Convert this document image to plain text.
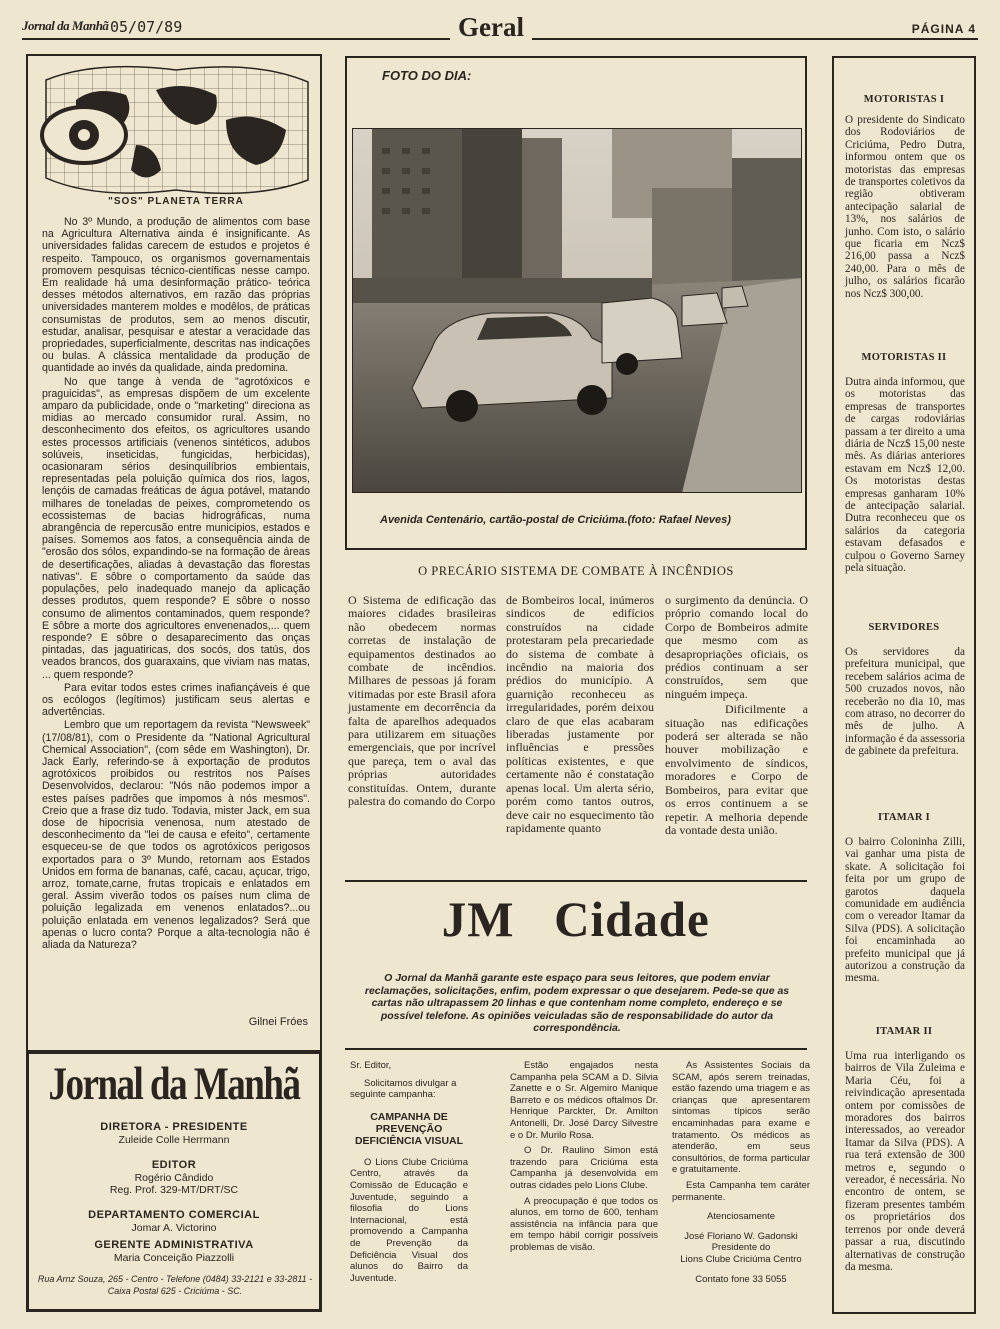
Jornal da Manhã 05/07/89	Geral	PÁGINA 4
"SOS" PLANETA TERRA

No 3º Mundo, a produção de alimentos com base na Agricultura Alternativa ainda é insignificante. As universidades falidas carecem de estudos e projetos é respeito. Tampouco, os organismos governamentais promovem pesquisas técnico-científicas nesse campo. Em realidade há uma desinformação prático- teórica desses métodos alternativos, em razão das próprias universidades manterem moldes e modêlos, de práticas consumistas de produtos, sem ao menos discutir, estudar, analisar, pesquisar e atestar a veracidade das propriedades, superficialmente, descritas nas indicações ou bulas. A clássica mentalidade da produção de quantidade ao invés da qualidade, ainda predomina.

No que tange à venda de "agrotóxicos e praguicidas", as empresas dispõem de um excelente amparo da publicidade, onde o "marketing" direciona as midias ao mercado consumidor rural. Assim, no desconhecimento dos efeitos, os agricultores usando estes processos artificiais (venenos sintéticos, adubos solúveis, inseticidas, fungicidas, herbicidas), ocasionaram sérios desinquilíbrios embientais, representadas pela poluição química dos rios, lagos, lençóis de camadas freáticas de água potável, matando milhares de toneladas de peixes, comprometendo os ecossistemas de bacias hidrográficas, numa abrangência de repercusão entre municipios, estados e países. Somemos aos fatos, a consequência ainda de "erosão dos sólos, expandindo-se na formação de áreas de desertificações, aliadas à devastação das florestas nativas". E sôbre o comportamento da saúde das populações, pelo inadequado manejo da aplicação desses produtos, quem responde? E sôbre o nosso consumo de alimentos contaminados, quem responde? E sôbre a morte dos agricultores envenenados,... quem responde? E sôbre o desaparecimento das onças pintadas, das jaguatiricas, dos socós, dos tatús, dos veados brancos, dos guaraxains, que viviam nas matas, ... quem responde?

Para evitar todos estes crimes inafiançáveis é que os ecólogos (legítimos) justificam seus alertas e advertências.

Lembro que um reportagem da revista "Newsweek" (17/08/81), com o Presidente da "National Agricultural Chemical Association", (com sêde em Washington), Dr. Jack Early, referindo-se à exportação de produtos agrotóxicos proibidos ou restritos nos Países Desenvolvidos, declarou: "Nós não podemos impor a estes países padrões que impomos à nós mesmos". Creio que a frase diz tudo. Todavia, mister Jack, em sua dose de hipocrisia venenosa, num atestado de desconhecimento da "lei de causa e efeito", certamente esqueceu-se de que todos os agrotóxicos perigosos exportados para o 3º Mundo, retornam aos Estados Unidos em forma de bananas, café, cacau, açucar, trigo, arroz, tomate,carne, frutas tropicais e enlatados em geral. Assim viverão todos os países num clima de poluição legalizada em venenos enlatados?...ou poluição enlatada em venenos legalizados? Será que apenas o lucro conta? Porque a alta-tecnologia não é aliada da Natureza?

Gilnei Fróes
Jornal da Manhã
DIRETORA - PRESIDENTE
Zuleide Colle Herrmann
EDITOR
Rogério Cândido
Reg. Prof. 329-MT/DRT/SC
DEPARTAMENTO COMERCIAL
Jomar A. Victorino
GERENTE ADMINISTRATIVA
Maria Conceição Piazzolli
Rua Arnz Souza, 265 - Centro - Telefone (0484) 33-2121 e 33-2811 - Caixa Postal 625 - Criciúma - SC.
FOTO DO DIA:
Avenida Centenário, cartão-postal de Criciúma.(foto: Rafael Neves)
O PRECÁRIO SISTEMA DE COMBATE À INCÊNDIOS
O Sistema de edificação das maiores cidades brasileiras não obedecem normas corretas de instalação de equipamentos destinados ao combate de incêndios. Milhares de pessoas já foram vitimadas por este Brasil afora justamente em decorrência da falta de aparelhos adequados para utilizarem em situações emergenciais, que por incrível que pareça, tem o aval das próprias autoridades constituídas. Ontem, durante palestra do comando do Corpo
de Bombeiros local, inúmeros sindicos de edifícios construídos na cidade protestaram pela precariedade do sistema de combate à incêndio na maioria dos prédios do município. A guarnição reconheceu as irregularidades, porém deixou claro de que elas acabaram liberadas justamente por influências e pressões políticas existentes, e que certamente não é constatação apenas local. Um alerta sério, porém como tantos outros, deve cair no esquecimento tão rapidamente quanto
o surgimento da denúncia. O próprio comando local do Corpo de Bombeiros admite que mesmo com as desapropriações oficiais, os prédios continuam a ser construídos, sem que ninguém impeça.
Dificilmente a situação nas edificações poderá ser alterada se não houver mobilização e envolvimento de síndicos, moradores e Corpo de Bombeiros, para evitar que os erros continuem a se repetir. A melhoria depende da vontade desta união.
JM   Cidade
O Jornal da Manhã garante este espaço para seus leitores, que podem enviar reclamações, solicitações, enfim, podem expressar o que desejarem. Pede-se que as cartas não ultrapassem 20 linhas e que contenham nome completo, endereço e se possível telefone. As opiniões veiculadas são de responsabilidade do autor da correspondência.

Sr. Editor,

Solicitamos divulgar a seguinte campanha:

CAMPANHA DE PREVENÇÃO DEFICIÊNCIA VISUAL

O Lions Clube Criciúma Centro, através da Comissão de Educação e Juventude, seguindo a filosofia do Lions Internacional, está promovendo a Campanha de Prevenção da Deficiência Visual dos alunos do Bairro da Juventude.

Estão engajados nesta Campanha pela SCAM a D. Silvia Zanette e o Sr. Algemiro Manique Barreto e os médicos oftalmos Dr. Henrique Parckter, Dr. Amilton Antonelli, Dr. José Darcy Silvestre e o Dr. Murilo Rosa.

O Dr. Raulino Simon está trazendo para Criciúma esta Campanha já desenvolvida em outras cidades pelo Lions Clube.

A preocupação é que todos os alunos, em torno de 600, tenham assistência na infância para que em tempo hábil corrigir possíveis problemas de visão.

As Assistentes Sociais da SCAM, após serem treinadas, estão fazendo uma triagem e as crianças que apresentarem sintomas típicos serão encaminhadas para exame e tratamento. Os médicos as atenderão, em seus consultórios, de forma particular e gratuitamente.

Esta Campanha tem caráter permanente.

Atenciosamente

José Floriano W. Gadonski

Presidente do

Lions Clube Criciúma Centro

Contato fone 33 5055

MOTORISTAS I
O presidente do Sindicato dos Rodoviários de Criciúma, Pedro Dutra, informou ontem que os motoristas das empresas de transportes coletivos da região obtiveram antecipação salarial de 13%, nos salários de junho. Com isto, o salário que ficaria em Ncz$ 216,00 passa a Ncz$ 240,00. Para o mês de julho, os salários ficarão nos Ncz$ 300,00.
MOTORISTAS II
Dutra ainda informou, que os motoristas das empresas de transportes de cargas rodoviárias passam a ter direito a uma diária de Ncz$ 15,00 neste mês. As diárias anteriores estavam em Ncz$ 12,00. Os motoristas destas empresas ganharam 10% de antecipação salarial. Dutra reconheceu que os salários da categoria estavam defasados e culpou o Governo Sarney pela situação.
SERVIDORES
Os servidores da prefeitura municipal, que recebem salários acima de 500 cruzados novos, não receberão no dia 10, mas com atraso, no decorrer do mês de julho. A informação é da assessoria de gabinete da prefeitura.
ITAMAR I
O bairro Coloninha Zilli, vai ganhar uma pista de skate. A solicitação foi feita por um grupo de garotos daquela comunidade em audiência com o vereador Itamar da Silva (PDS). A solicitação foi encaminhada ao prefeito municipal que já autorizou a construção da mesma.
ITAMAR II
Uma rua interligando os bairros de Vila Zuleima e Maria Céu, foi a reivindicação apresentada ontem por comissões de moradores dos bairros interessados, ao vereador Itamar da Silva (PDS). A rua terá extensão de 300 metros e, segundo o vereador, é necessária. No encontro de ontem, se fizeram presentes também os proprietários dos terrenos por onde deverá passar a rua, discutindo alternativas de construção da mesma.
